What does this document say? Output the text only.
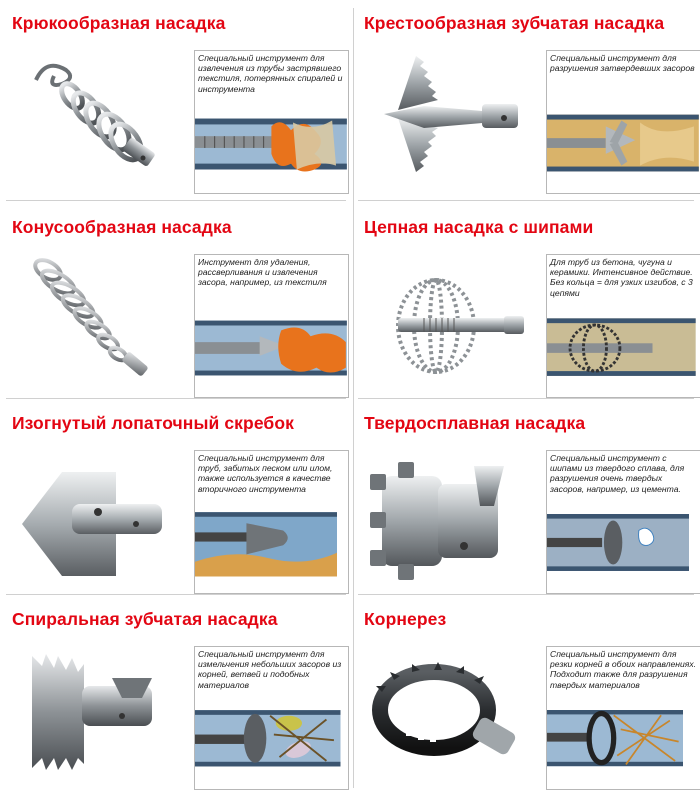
Крюкообразная насадка
Специальный инструмент для извлечения из трубы застрявшего текстиля, потерянных спиралей и инструмента
Крестообразная зубчатая насадка
Специальный инструмент для разрушения затвердевших засоров
Конусообразная насадка
Инструмент для удаления, рассверливания и извлечения засора, например, из текстиля
Цепная насадка с шипами
Для труб из бетона, чугуна и керамики. Интенсивное действие. Без кольца = для узких изгибов, с 3 цепями
Изогнутый лопаточный скребок
Специальный инструмент для труб, забитых песком или илом, также используется в качестве вторичного инструмента
Твердосплавная насадка
Специальный инструмент с шипами из твердого сплава, для разрушения очень твердых засоров, например, из цемента.
Спиральная зубчатая насадка
Специальный инструмент для измельчения небольших засоров из корней, ветвей и подобных материалов
Корнерез
Специальный инструмент для резки корней в обоих направлениях. Подходит также для разрушения твердых материалов
